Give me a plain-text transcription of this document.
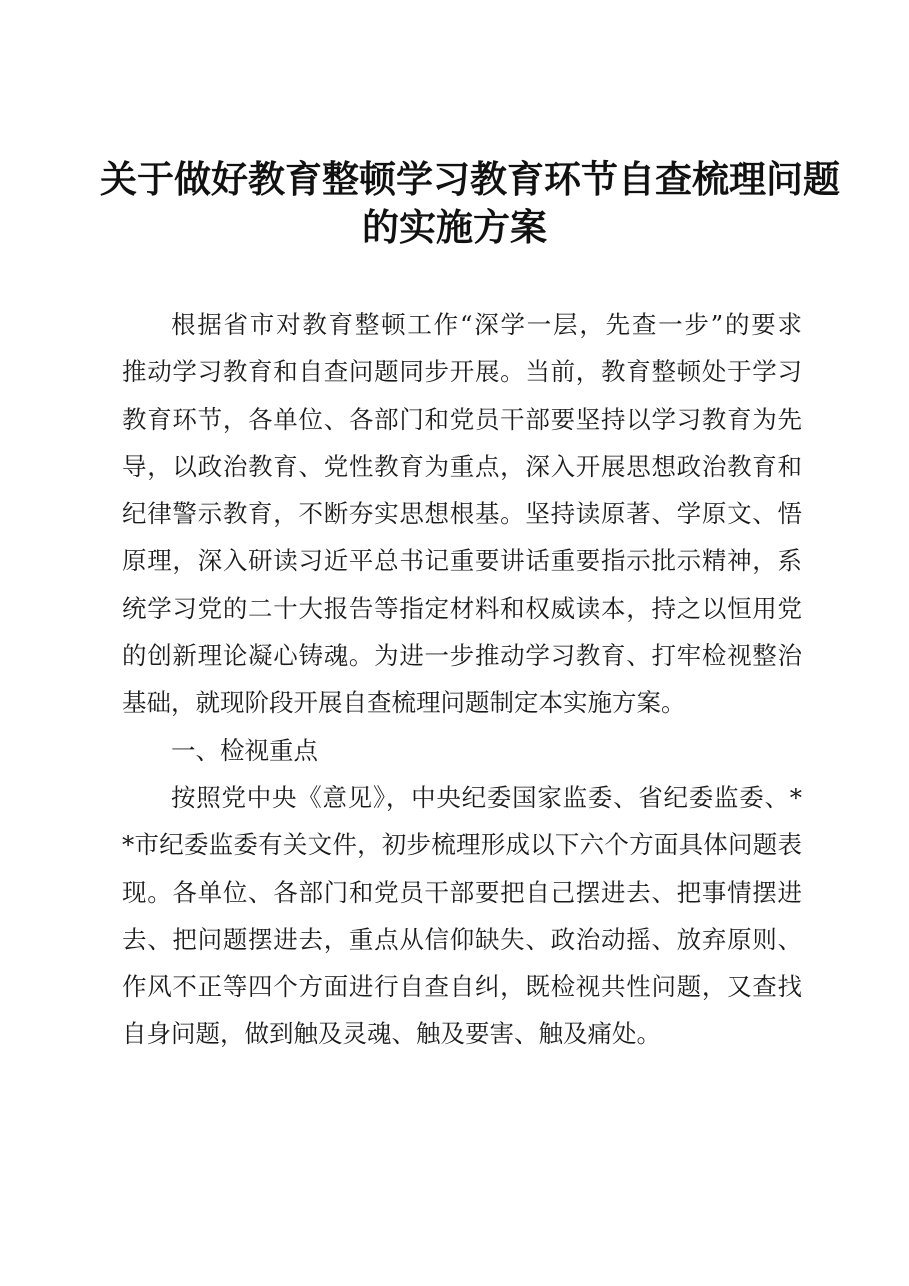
关于做好教育整顿学习教育环节自查梳理问题
的实施方案
根据省市对教育整顿工作“深学一层，先查一步”的要求
推动学习教育和自查问题同步开展。当前，教育整顿处于学习
教育环节，各单位、各部门和党员干部要坚持以学习教育为先
导，以政治教育、党性教育为重点，深入开展思想政治教育和
纪律警示教育，不断夯实思想根基。坚持读原著、学原文、悟
原理，深入研读习近平总书记重要讲话重要指示批示精神，系
统学习党的二十大报告等指定材料和权威读本，持之以恒用党
的创新理论凝心铸魂。为进一步推动学习教育、打牢检视整治
基础，就现阶段开展自查梳理问题制定本实施方案。
一、检视重点
按照党中央《意见》，中央纪委国家监委、省纪委监委、*
*市纪委监委有关文件，初步梳理形成以下六个方面具体问题表
现。各单位、各部门和党员干部要把自己摆进去、把事情摆进
去、把问题摆进去，重点从信仰缺失、政治动摇、放弃原则、
作风不正等四个方面进行自查自纠，既检视共性问题，又查找
自身问题，做到触及灵魂、触及要害、触及痛处。
